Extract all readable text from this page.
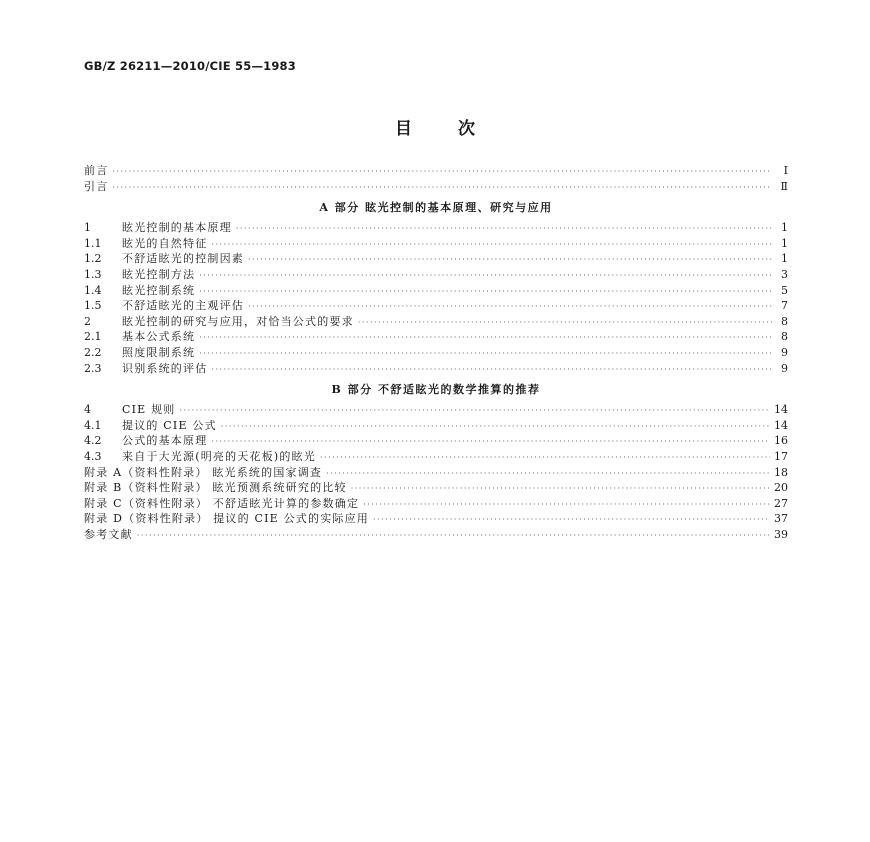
GB/Z 26211—2010/CIE 55—1983
目次
前言 ·····	I
引言 ·····	Ⅱ
A 部分 眩光控制的基本原理、研究与应用
1	眩光控制的基本原理 ·····	1
1.1	眩光的自然特征 ·····	1
1.2	不舒适眩光的控制因素 ·····	1
1.3	眩光控制方法 ·····	3
1.4	眩光控制系统 ·····	5
1.5	不舒适眩光的主观评估 ·····	7
2	眩光控制的研究与应用，对恰当公式的要求 ·····	8
2.1	基本公式系统 ·····	8
2.2	照度限制系统 ·····	9
2.3	识别系统的评估 ·····	9
B 部分 不舒适眩光的数学推算的推荐
4	CIE 规则 ·····	14
4.1	提议的 CIE 公式 ·····	14
4.2	公式的基本原理 ·····	16
4.3	来自于大光源(明亮的天花板)的眩光 ·····	17
附录 A（资料性附录） 眩光系统的国家调查 ·····	18
附录 B（资料性附录） 眩光预测系统研究的比较 ·····	20
附录 C（资料性附录） 不舒适眩光计算的参数确定 ·····	27
附录 D（资料性附录） 提议的 CIE 公式的实际应用 ·····	37
参考文献 ·····	39
